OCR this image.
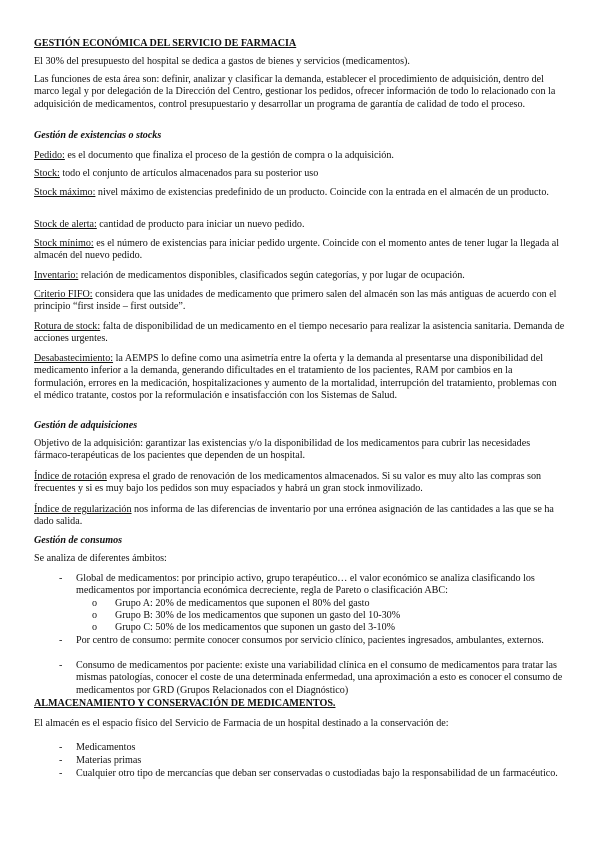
GESTIÓN ECONÓMICA DEL SERVICIO DE FARMACIA

El 30% del presupuesto del hospital se dedica a gastos de bienes y servicios (medicamentos).

Las funciones de esta área son: definir, analizar y clasificar la demanda, establecer el procedimiento de adquisición, dentro del marco legal y por delegación de la Dirección del Centro, gestionar los pedidos, ofrecer información de todo lo relacionado con la adquisición de medicamentos, control presupuestario y desarrollar un programa de garantía de calidad de todo el proceso.

Gestión de existencias o stocks

Pedido: es el documento que finaliza el proceso de la gestión de compra o la adquisición.

Stock: todo el conjunto de artículos almacenados para su posterior uso

Stock máximo: nivel máximo de existencias predefinido de un producto. Coincide con la entrada en el almacén de un producto.

Stock de alerta: cantidad de producto para iniciar un nuevo pedido.

Stock mínimo: es el número de existencias para iniciar pedido urgente. Coincide con el momento antes de tener lugar la llegada al almacén del nuevo pedido.

Inventario: relación de medicamentos disponibles, clasificados según categorías, y por lugar de ocupación.

Criterio FIFO: considera que las unidades de medicamento que primero salen del almacén son las más antiguas de acuerdo con el principio “first inside – first outside”.

Rotura de stock: falta de disponibilidad de un medicamento en el tiempo necesario para realizar la asistencia sanitaria. Demanda de acciones urgentes.

Desabastecimiento: la AEMPS lo define como una asimetría entre la oferta y la demanda al presentarse una disponibilidad del medicamento inferior a la demanda, generando dificultades en el tratamiento de los pacientes, RAM por cambios en la formulación, errores en la medicación, hospitalizaciones y aumento de la mortalidad, interrupción del tratamiento, problemas con el médico tratante, costos por la reformulación e insatisfacción con los Sistemas de Salud.

Gestión de adquisiciones

Objetivo de la adquisición: garantizar las existencias y/o la disponibilidad de los medicamentos para cubrir las necesidades fármaco-terapéuticas de los pacientes que dependen de un hospital.

Índice de rotación expresa el grado de renovación de los medicamentos almacenados. Si su valor es muy alto las compras son frecuentes y si es muy bajo los pedidos son muy espaciados y habrá un gran stock inmovilizado.

Índice de regularización nos informa de las diferencias de inventario por una errónea asignación de las cantidades a las que se ha dado salida.

Gestión de consumos

Se analiza de diferentes ámbitos:

- Global de medicamentos: por principio activo, grupo terapéutico… el valor económico se analiza clasificando los medicamentos por importancia económica decreciente, regla de Pareto o clasificación ABC:

o Grupo A: 20% de medicamentos que suponen el 80% del gasto

o Grupo B: 30% de los medicamentos que suponen un gasto del 10-30%

o Grupo C: 50% de los medicamentos que suponen un gasto del 3-10%

- Por centro de consumo: permite conocer consumos por servicio clínico, pacientes ingresados, ambulantes, externos.

- Consumo de medicamentos por paciente: existe una variabilidad clínica en el consumo de medicamentos para tratar las mismas patologías, conocer el coste de una determinada enfermedad, una aproximación a esto es conocer el consumo de medicamentos por GRD (Grupos Relacionados con el Diagnóstico)

ALMACENAMIENTO Y CONSERVACIÓN DE MEDICAMENTOS.

El almacén es el espacio físico del Servicio de Farmacia de un hospital destinado a la conservación de:

- Medicamentos

- Materias primas

- Cualquier otro tipo de mercancías que deban ser conservadas o custodiadas bajo la responsabilidad de un farmacéutico.
